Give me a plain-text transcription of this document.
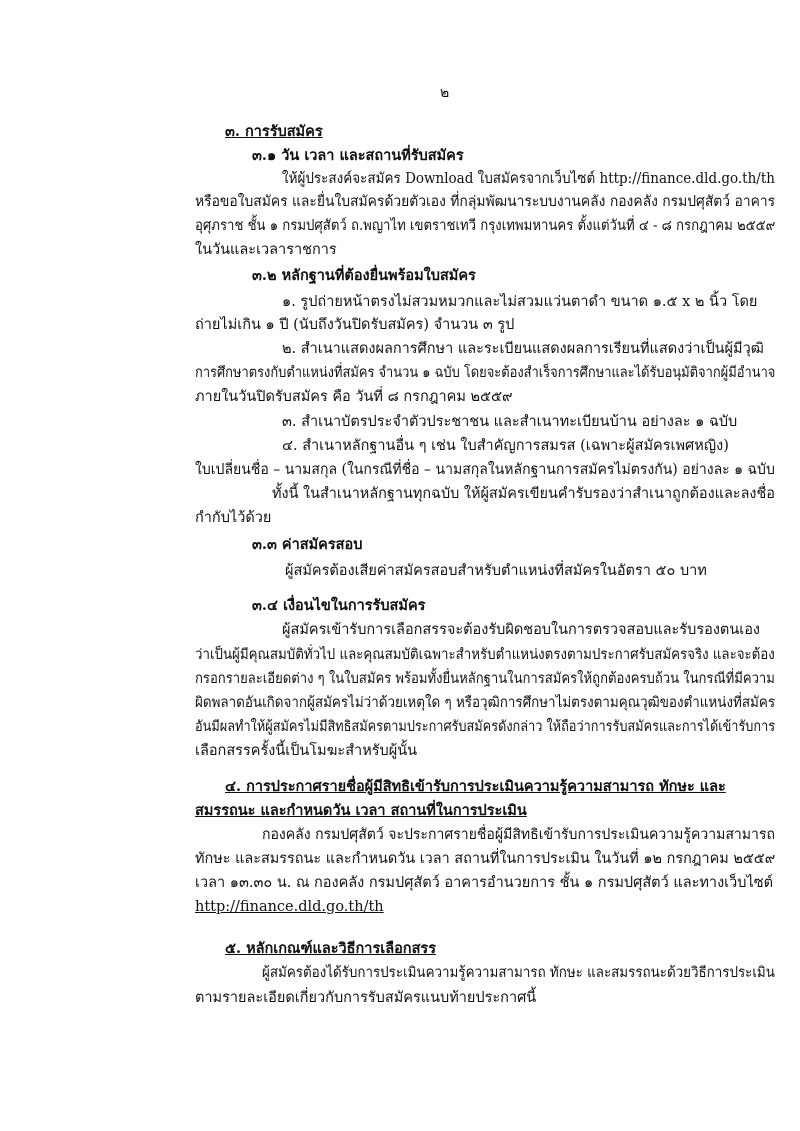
๒
๓. การรับสมัคร
๓.๑ วัน เวลา และสถานที่รับสมัคร
ให้ผู้ประสงค์จะสมัคร Download ใบสมัครจากเว็บไซต์ http://finance.dld.go.th/th
หรือขอใบสมัคร และยื่นใบสมัครด้วยตัวเอง ที่กลุ่มพัฒนาระบบงานคลัง กองคลัง กรมปศุสัตว์ อาคาร
อุศุภราช ชั้น ๑ กรมปศุสัตว์ ถ.พญาไท เขตราชเทวี กรุงเทพมหานคร ตั้งแต่วันที่ ๔ - ๘ กรกฎาคม ๒๕๕๙
ในวันและเวลาราชการ
๓.๒ หลักฐานที่ต้องยื่นพร้อมใบสมัคร
๑. รูปถ่ายหน้าตรงไม่สวมหมวกและไม่สวมแว่นตาดำ ขนาด ๑.๕ x ๒ นิ้ว โดย
ถ่ายไม่เกิน ๑ ปี (นับถึงวันปิดรับสมัคร) จำนวน ๓ รูป
๒. สำเนาแสดงผลการศึกษา และระเบียนแสดงผลการเรียนที่แสดงว่าเป็นผู้มีวุฒิ
การศึกษาตรงกับตำแหน่งที่สมัคร จำนวน ๑ ฉบับ โดยจะต้องสำเร็จการศึกษาและได้รับอนุมัติจากผู้มีอำนาจ
ภายในวันปิดรับสมัคร คือ วันที่ ๘ กรกฎาคม ๒๕๕๙
๓. สำเนาบัตรประจำตัวประชาชน และสำเนาทะเบียนบ้าน อย่างละ ๑ ฉบับ
๔. สำเนาหลักฐานอื่น ๆ เช่น ใบสำคัญการสมรส (เฉพาะผู้สมัครเพศหญิง)
ใบเปลี่ยนชื่อ – นามสกุล (ในกรณีที่ชื่อ – นามสกุลในหลักฐานการสมัครไม่ตรงกัน) อย่างละ ๑ ฉบับ
ทั้งนี้ ในสำเนาหลักฐานทุกฉบับ ให้ผู้สมัครเขียนคำรับรองว่าสำเนาถูกต้องและลงชื่อ
กำกับไว้ด้วย
๓.๓ ค่าสมัครสอบ
ผู้สมัครต้องเสียค่าสมัครสอบสำหรับตำแหน่งที่สมัครในอัตรา ๕๐ บาท
๓.๔ เงื่อนไขในการรับสมัคร
ผู้สมัครเข้ารับการเลือกสรรจะต้องรับผิดชอบในการตรวจสอบและรับรองตนเอง
ว่าเป็นผู้มีคุณสมบัติทั่วไป และคุณสมบัติเฉพาะสำหรับตำแหน่งตรงตามประกาศรับสมัครจริง และจะต้อง
กรอกรายละเอียดต่าง ๆ ในใบสมัคร พร้อมทั้งยื่นหลักฐานในการสมัครให้ถูกต้องครบถ้วน ในกรณีที่มีความ
ผิดพลาดอันเกิดจากผู้สมัครไม่ว่าด้วยเหตุใด ๆ หรือวุฒิการศึกษาไม่ตรงตามคุณวุฒิของตำแหน่งที่สมัคร
อันมีผลทำให้ผู้สมัครไม่มีสิทธิสมัครตามประกาศรับสมัครดังกล่าว ให้ถือว่าการรับสมัครและการได้เข้ารับการ
เลือกสรรครั้งนี้เป็นโมฆะสำหรับผู้นั้น
๔. การประกาศรายชื่อผู้มีสิทธิเข้ารับการประเมินความรู้ความสามารถ ทักษะ และ
สมรรถนะ และกำหนดวัน เวลา สถานที่ในการประเมิน
กองคลัง กรมปศุสัตว์ จะประกาศรายชื่อผู้มีสิทธิเข้ารับการประเมินความรู้ความสามารถ
ทักษะ และสมรรถนะ และกำหนดวัน เวลา สถานที่ในการประเมิน ในวันที่ ๑๒ กรกฎาคม ๒๕๕๙
เวลา ๑๓.๓๐ น. ณ กองคลัง กรมปศุสัตว์ อาคารอำนวยการ ชั้น ๑ กรมปศุสัตว์ และทางเว็บไซต์
http://finance.dld.go.th/th
๕. หลักเกณฑ์และวิธีการเลือกสรร
ผู้สมัครต้องได้รับการประเมินความรู้ความสามารถ ทักษะ และสมรรถนะด้วยวิธีการประเมิน
ตามรายละเอียดเกี่ยวกับการรับสมัครแนบท้ายประกาศนี้
